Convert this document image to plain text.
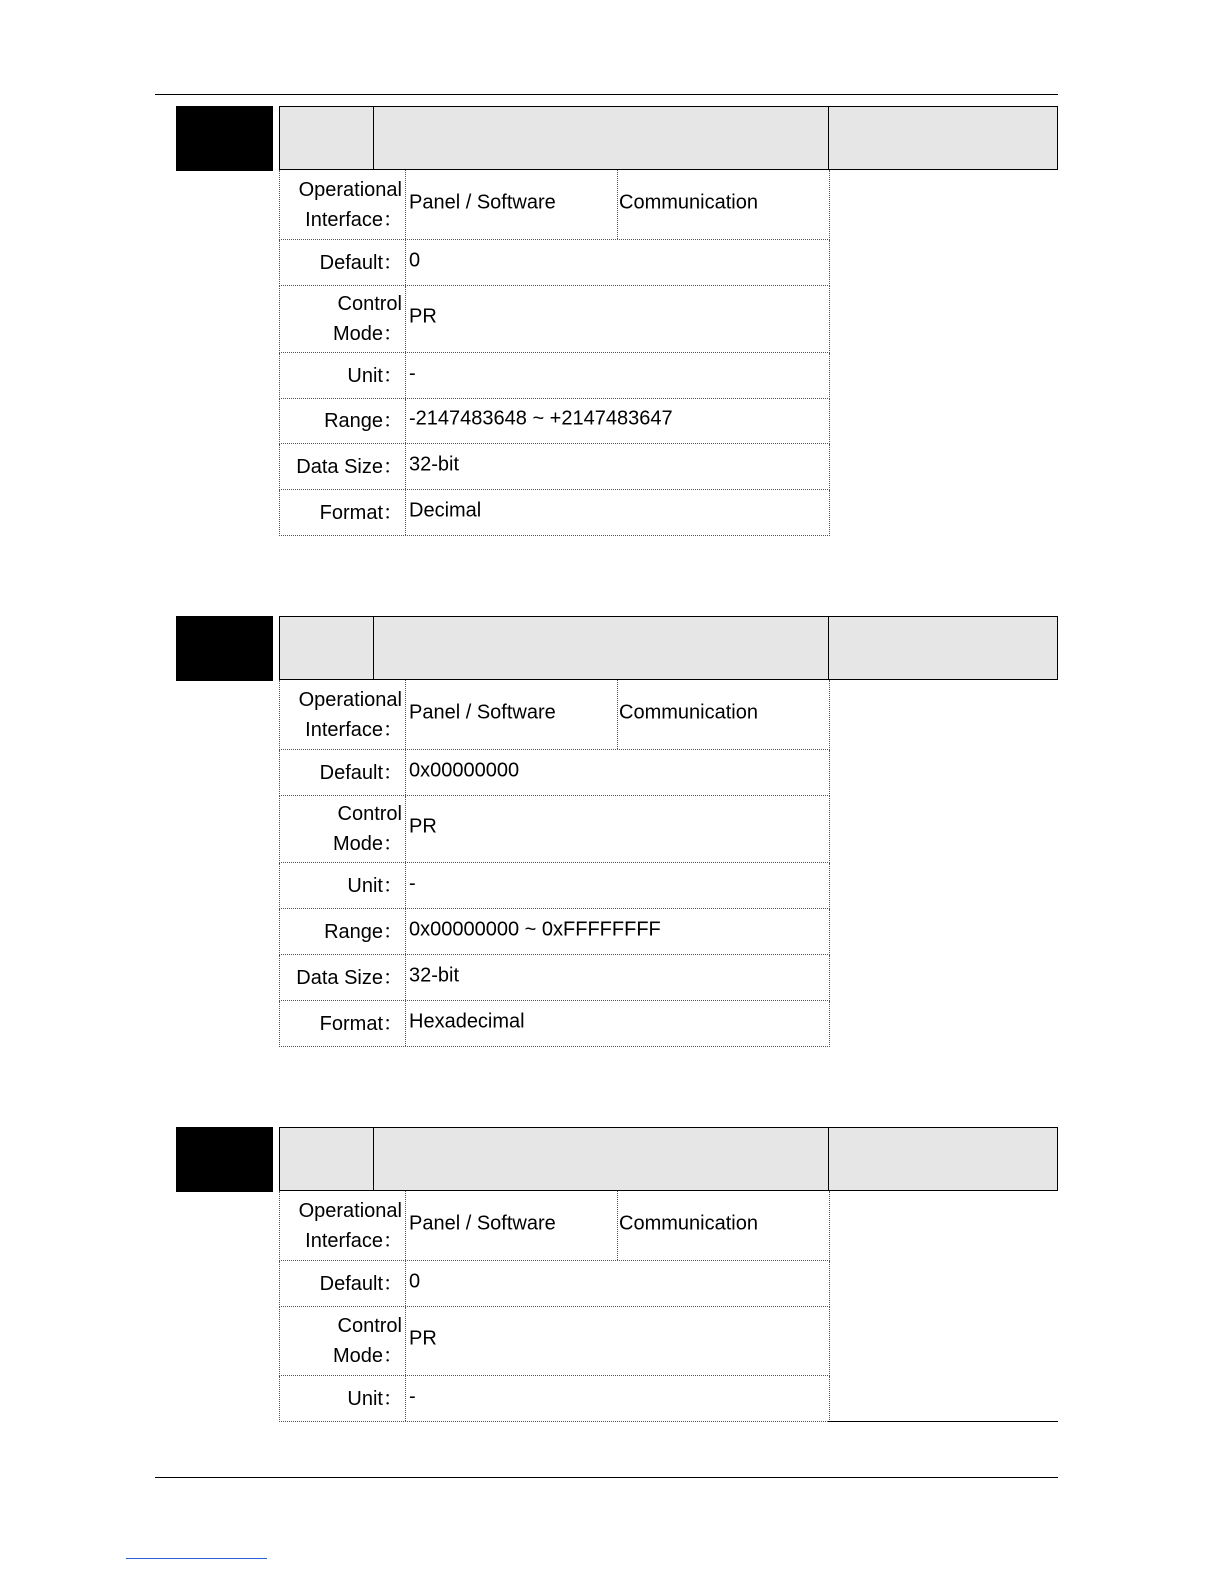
Operational
Interface：
Panel / Software	Communication
Default： 0
Control
Mode：
PR
Unit： -
Range： -2147483648 ~ +2147483647
Data Size： 32-bit
Format： Decimal
Operational
Interface：
Panel / Software	Communication
Default： 0x00000000
Control
Mode：
PR
Unit： -
Range： 0x00000000 ~ 0xFFFFFFFF
Data Size： 32-bit
Format： Hexadecimal
Operational
Interface：
Panel / Software	Communication
Default： 0
Control
Mode：
PR
Unit： -
